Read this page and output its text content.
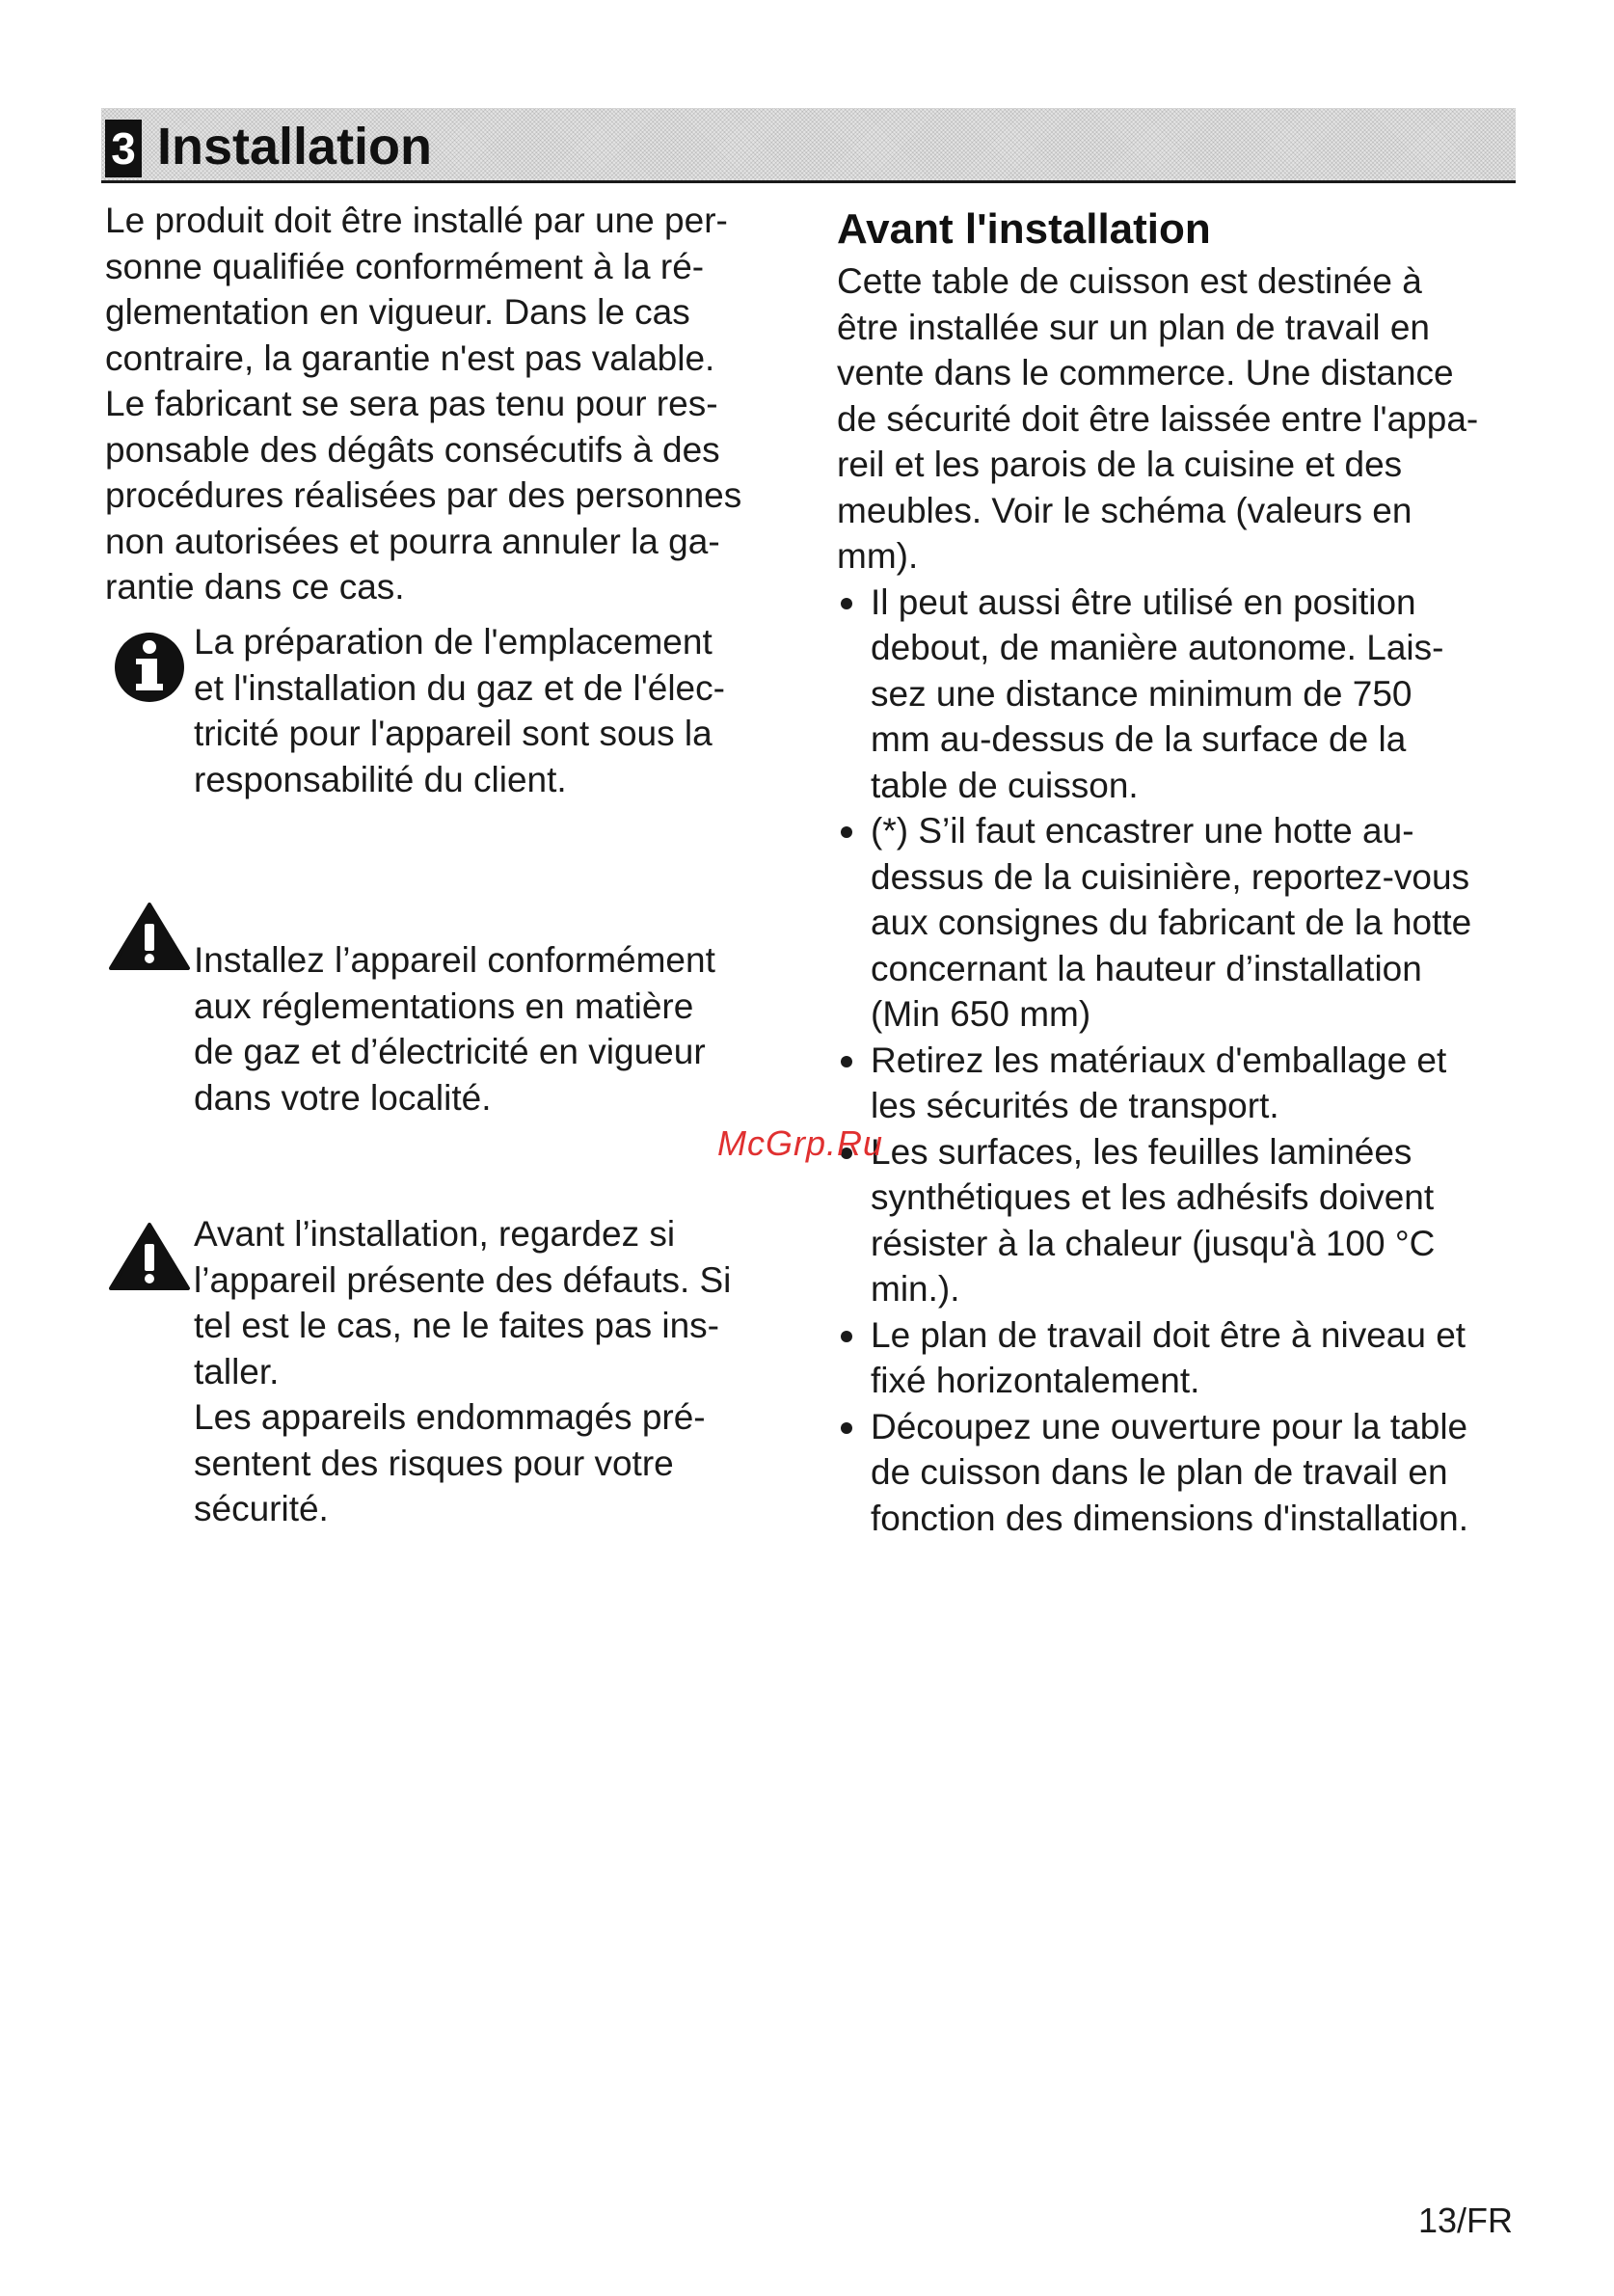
3 Installation
Le produit doit être installé par une per-
sonne qualifiée conformément à la ré-
glementation en vigueur. Dans le cas
contraire, la garantie n'est pas valable.
Le fabricant se sera pas tenu pour res-
ponsable des dégâts consécutifs à des
procédures réalisées par des personnes
non autorisées et pourra annuler la ga-
rantie dans ce cas.
La préparation de l'emplacement
et l'installation du gaz et de l'élec-
tricité pour l'appareil sont sous la
responsabilité du client.
Installez l’appareil conformément
aux réglementations en matière
de gaz et d’électricité en vigueur
dans votre localité.
Avant l’installation, regardez si
l’appareil présente des défauts. Si
tel est le cas, ne le faites pas ins-
taller.
Les appareils endommagés pré-
sentent des risques pour votre
sécurité.
Avant l'installation
Cette table de cuisson est destinée à
être installée sur un plan de travail en
vente dans le commerce. Une distance
de sécurité doit être laissée entre l'appa-
reil et les parois de la cuisine et des
meubles. Voir le schéma (valeurs en
mm).
Il peut aussi être utilisé en position
debout, de manière autonome. Lais-
sez une distance minimum de 750
mm au-dessus de la surface de la
table de cuisson.
(*) S’il faut encastrer une hotte au-
dessus de la cuisinière, reportez-vous
aux consignes du fabricant de la hotte
concernant la hauteur d’installation
(Min 650 mm)
Retirez les matériaux d'emballage et
les sécurités de transport.
Les surfaces, les feuilles laminées
synthétiques et les adhésifs doivent
résister à la chaleur (jusqu'à 100 °C
min.).
Le plan de travail doit être à niveau et
fixé horizontalement.
Découpez une ouverture pour la table
de cuisson dans le plan de travail en
fonction des dimensions d'installation.
McGrp.Ru
13/FR
